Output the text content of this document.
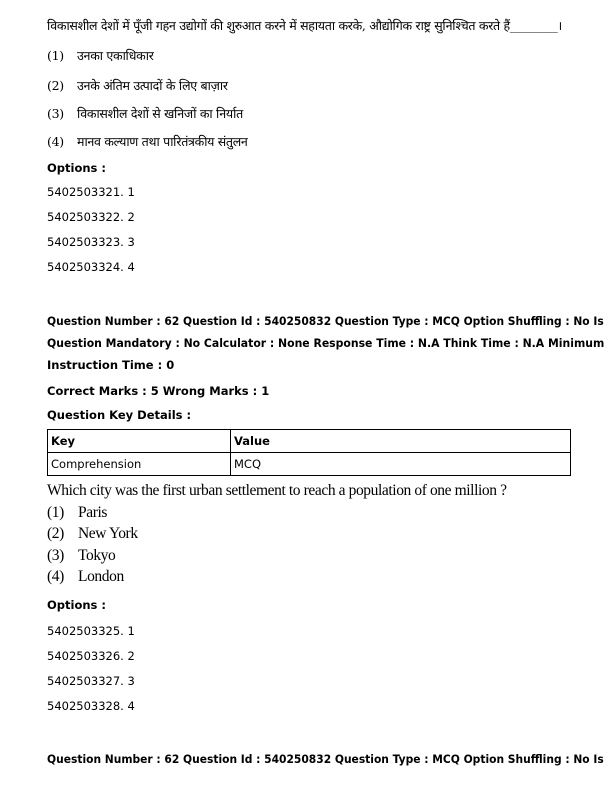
विकासशील देशों में पूँजी गहन उद्योगों की शुरुआत करने में सहायता करके, औद्योगिक राष्ट्र सुनिश्चित करते हैं________।
(1) उनका एकाधिकार
(2) उनके अंतिम उत्पादों के लिए बाज़ार
(3) विकासशील देशों से खनिजों का निर्यात
(4) मानव कल्याण तथा पारितंत्रकीय संतुलन
Options :
5402503321. 1
5402503322. 2
5402503323. 3
5402503324. 4
Question Number : 62 Question Id : 540250832 Question Type : MCQ Option Shuffling : No Is
Question Mandatory : No Calculator : None Response Time : N.A Think Time : N.A Minimum
Instruction Time : 0
Correct Marks : 5 Wrong Marks : 1
Question Key Details :
Key	Value
Comprehension	MCQ
Which city was the first urban settlement to reach a population of one million ?
(1) Paris
(2) New York
(3) Tokyo
(4) London
Options :
5402503325. 1
5402503326. 2
5402503327. 3
5402503328. 4
Question Number : 62 Question Id : 540250832 Question Type : MCQ Option Shuffling : No Is
